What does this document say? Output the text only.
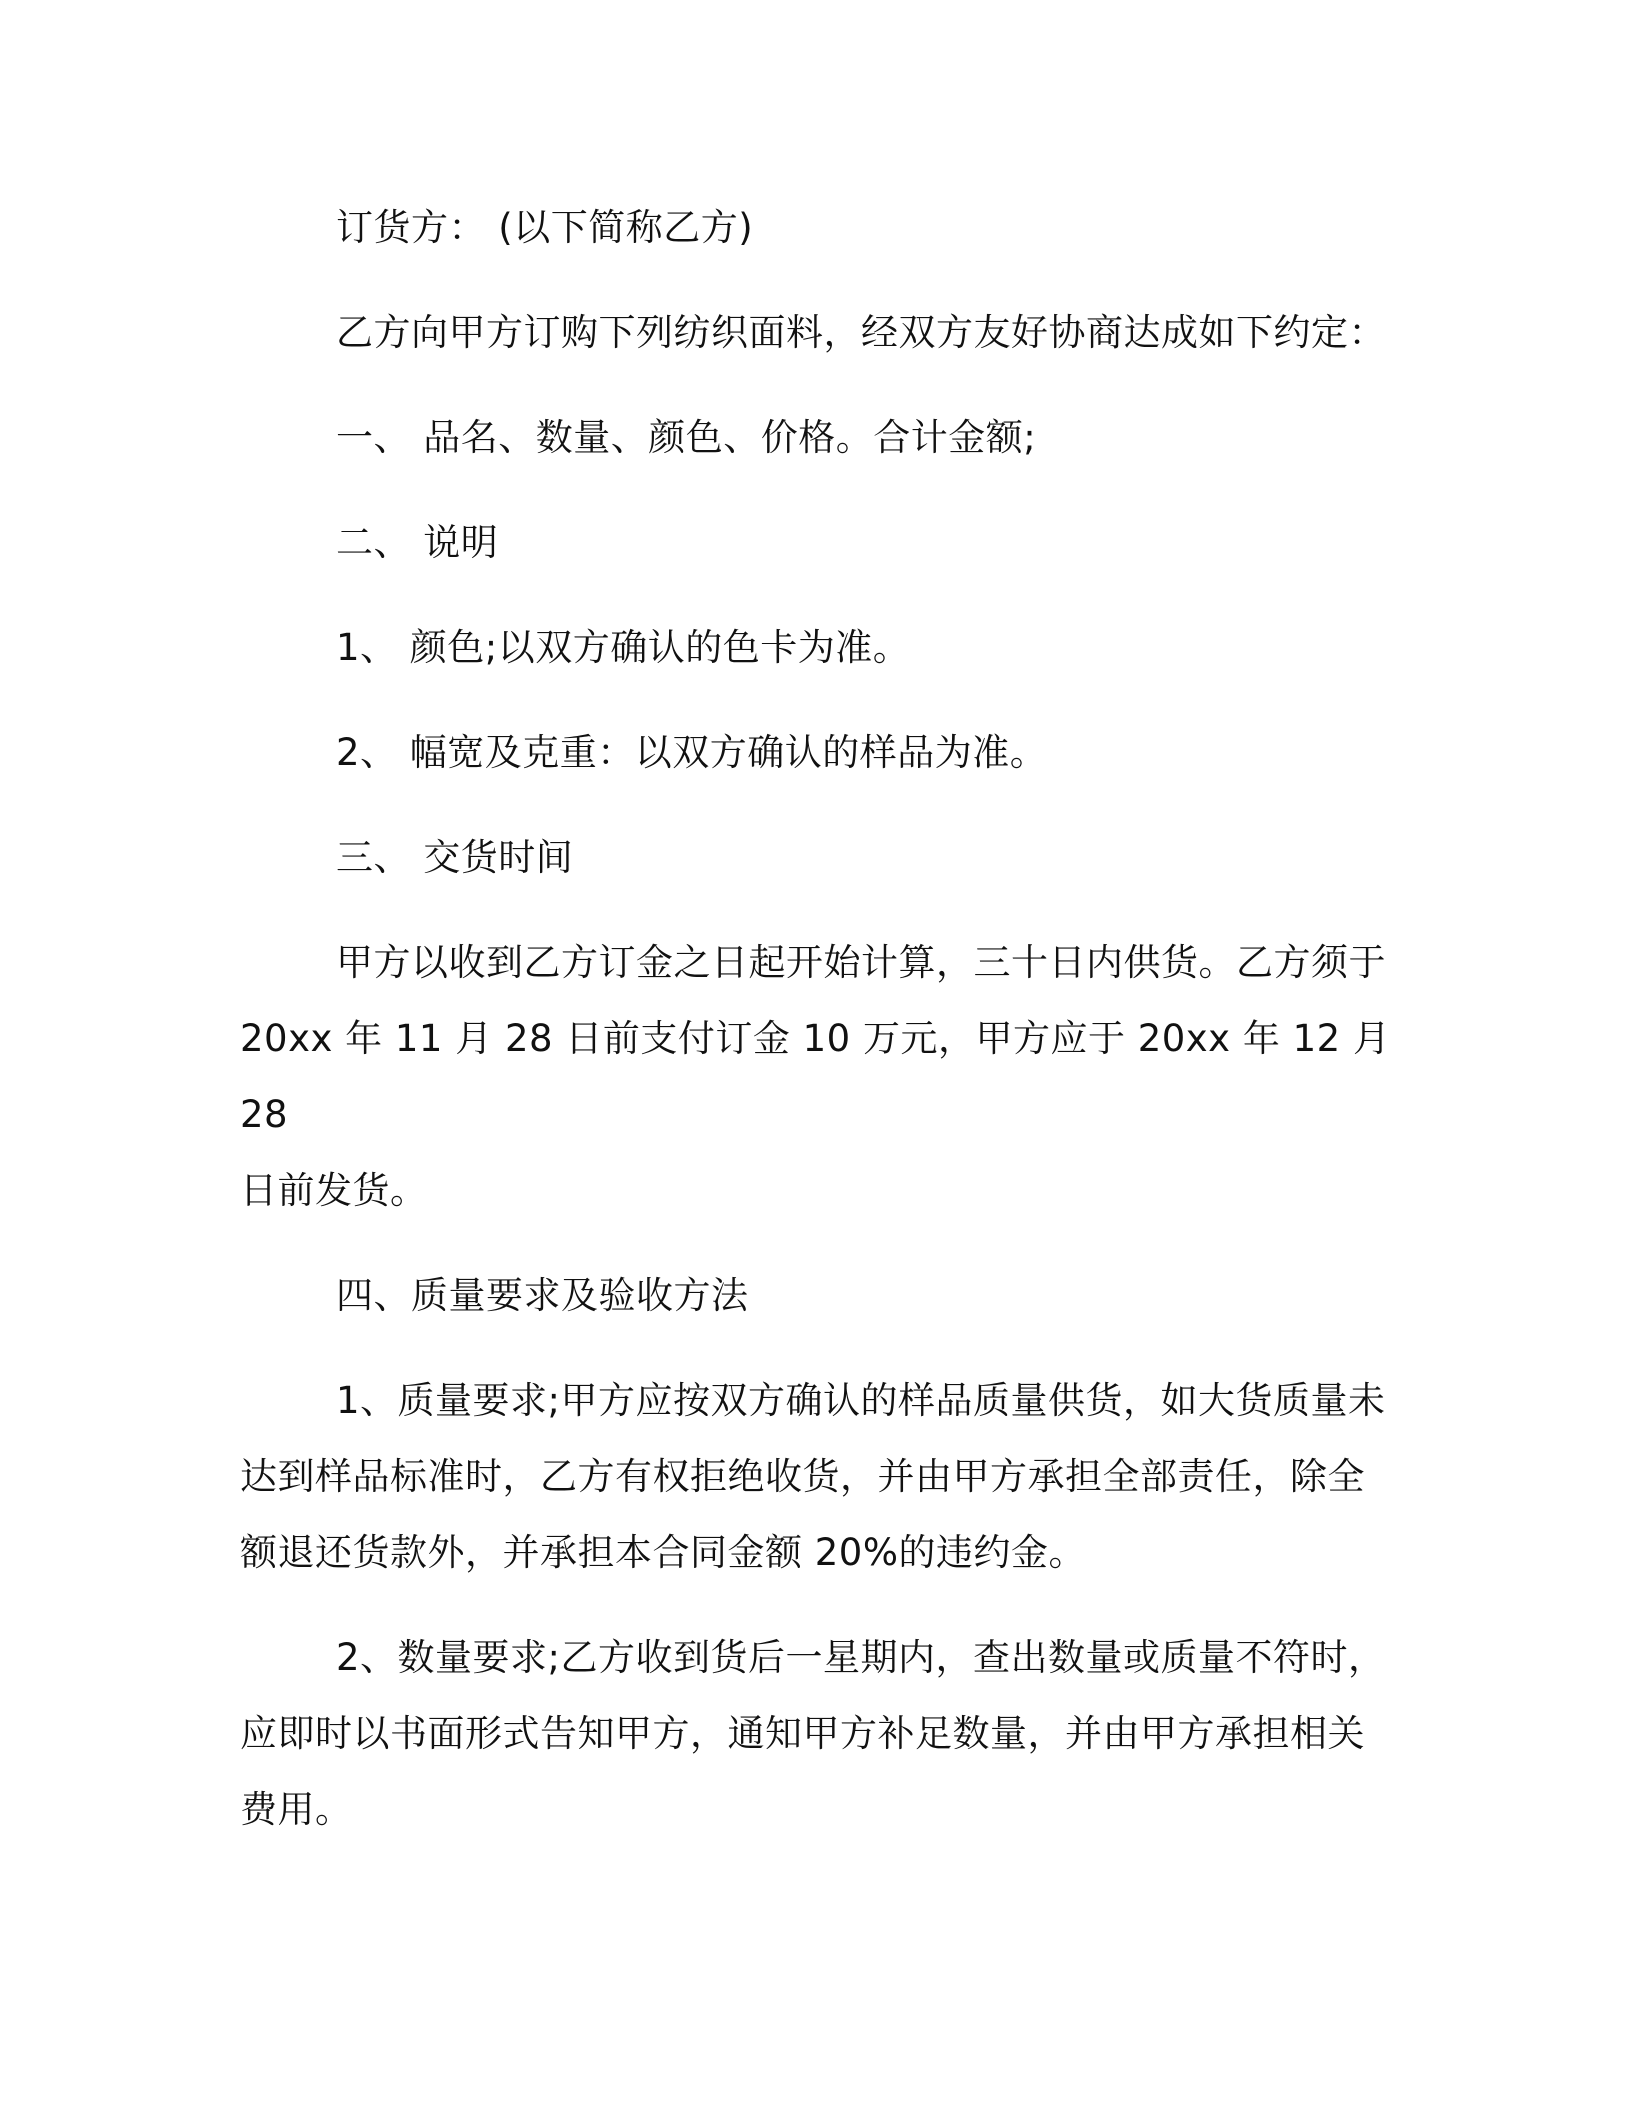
订货方： (以下简称乙方)

乙方向甲方订购下列纺织面料，经双方友好协商达成如下约定：

一、 品名、数量、颜色、价格。合计金额;

二、 说明

1、 颜色;以双方确认的色卡为准。

2、 幅宽及克重：以双方确认的样品为准。

三、 交货时间

甲方以收到乙方订金之日起开始计算，三十日内供货。乙方须于

20xx 年 11 月 28 日前支付订金 10 万元，甲方应于 20xx 年 12 月 28

日前发货。

四、质量要求及验收方法

1、质量要求;甲方应按双方确认的样品质量供货，如大货质量未

达到样品标准时，乙方有权拒绝收货，并由甲方承担全部责任，除全

额退还货款外，并承担本合同金额 20%的违约金。

2、数量要求;乙方收到货后一星期内，查出数量或质量不符时，

应即时以书面形式告知甲方，通知甲方补足数量，并由甲方承担相关

费用。
